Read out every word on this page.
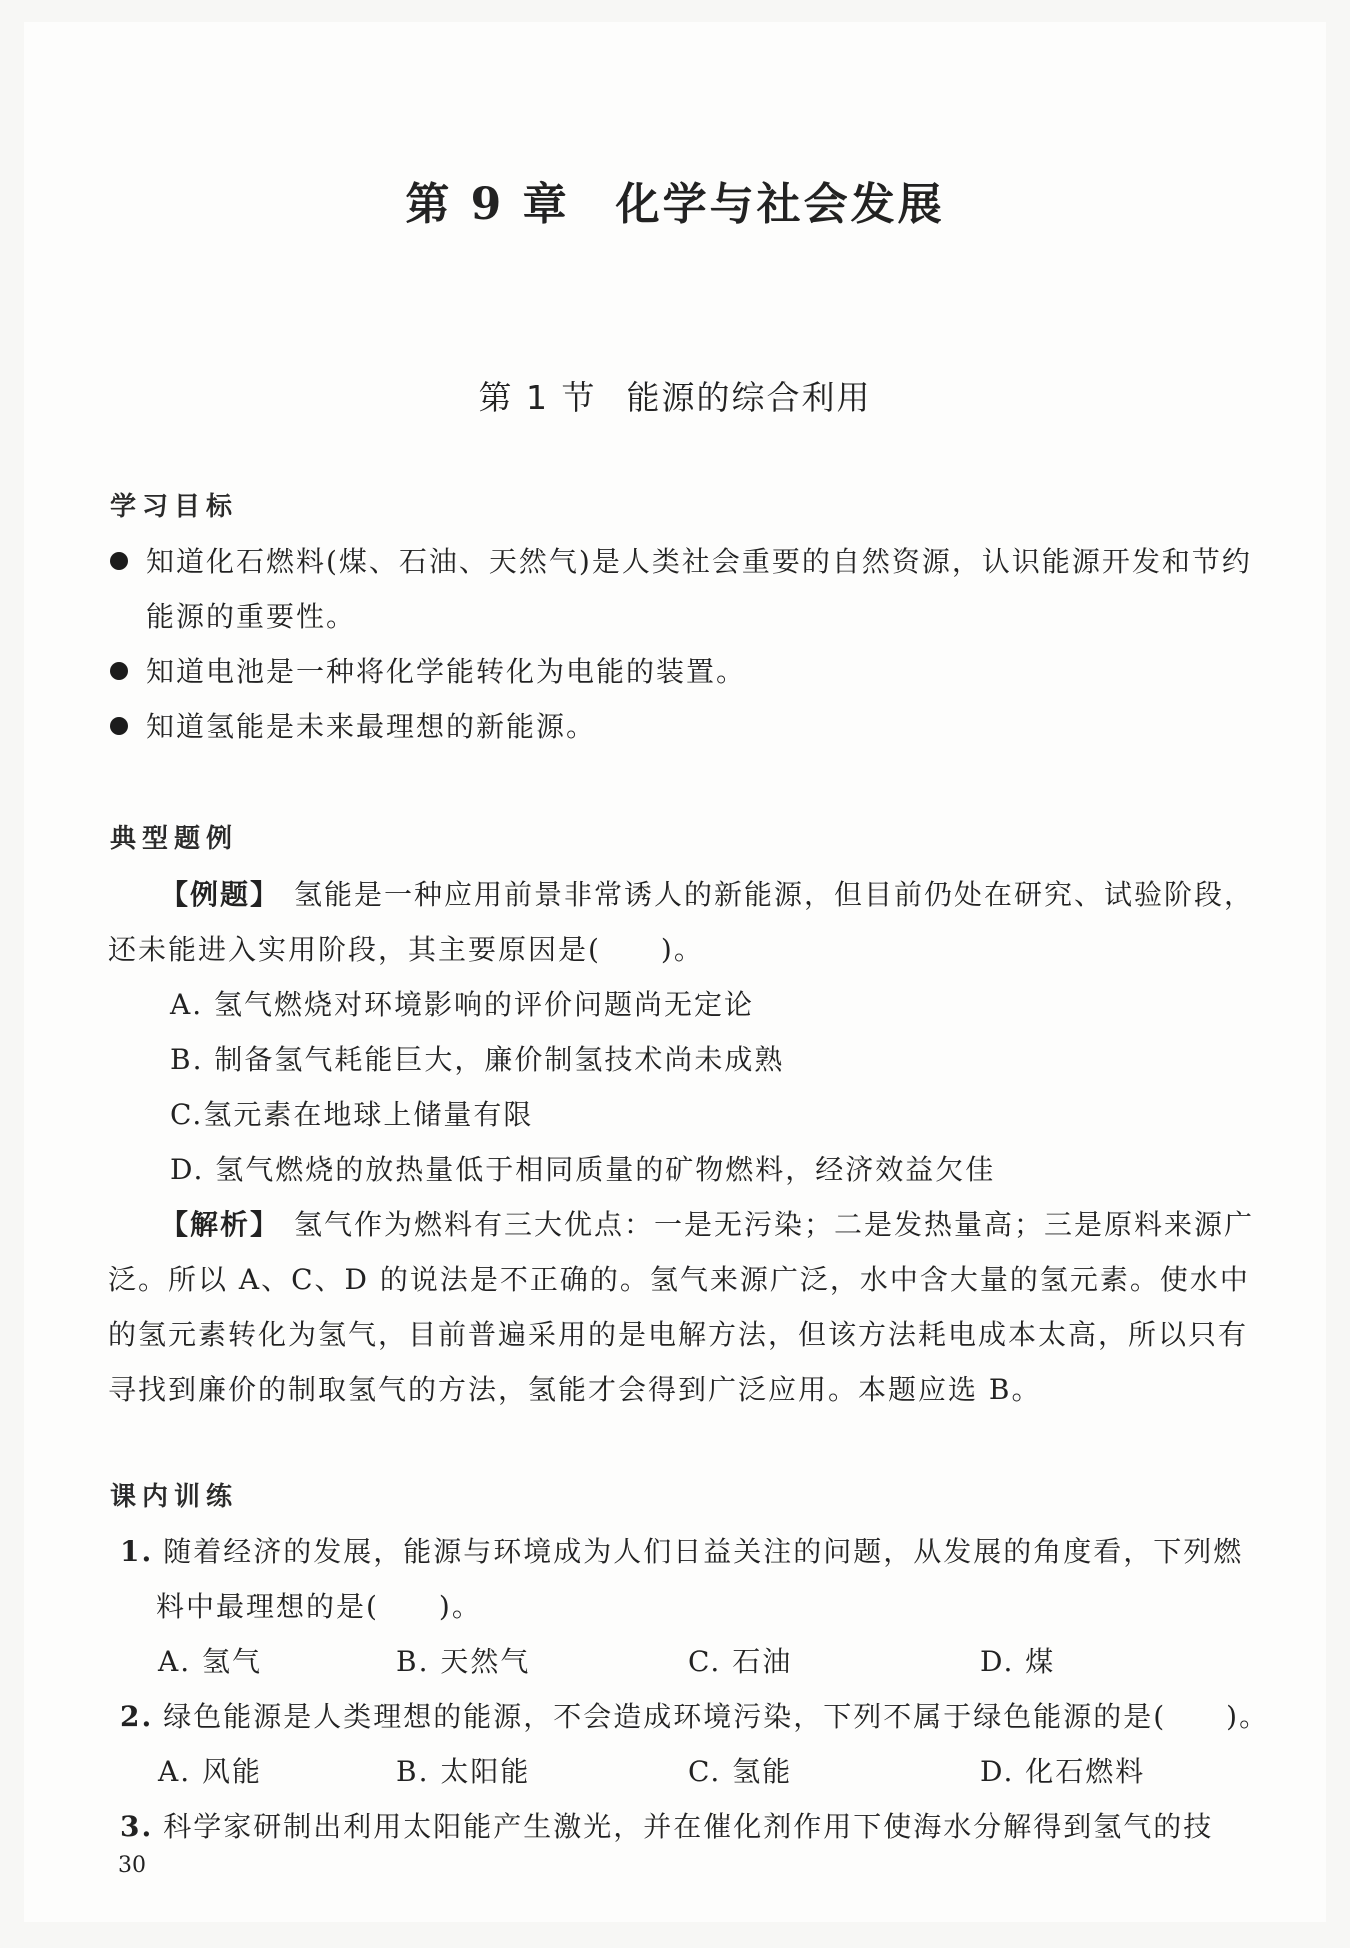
第 9 章 化学与社会发展
第 1 节 能源的综合利用
学习目标
知道化石燃料(煤、石油、天然气)是人类社会重要的自然资源，认识能源开发和节约
能源的重要性。
知道电池是一种将化学能转化为电能的装置。
知道氢能是未来最理想的新能源。
典型题例
【例题】 氢能是一种应用前景非常诱人的新能源，但目前仍处在研究、试验阶段，
还未能进入实用阶段，其主要原因是(　　)。
A. 氢气燃烧对环境影响的评价问题尚无定论
B. 制备氢气耗能巨大，廉价制氢技术尚未成熟
C.氢元素在地球上储量有限
D. 氢气燃烧的放热量低于相同质量的矿物燃料，经济效益欠佳
【解析】 氢气作为燃料有三大优点：一是无污染；二是发热量高；三是原料来源广
泛。所以 A、C、D 的说法是不正确的。氢气来源广泛，水中含大量的氢元素。使水中
的氢元素转化为氢气，目前普遍采用的是电解方法，但该方法耗电成本太高，所以只有
寻找到廉价的制取氢气的方法，氢能才会得到广泛应用。本题应选 B。
课内训练
1. 随着经济的发展，能源与环境成为人们日益关注的问题，从发展的角度看，下列燃
料中最理想的是(　　)。
A. 氢气	B. 天然气	C. 石油	D. 煤
2. 绿色能源是人类理想的能源，不会造成环境污染，下列不属于绿色能源的是(　　)。
A. 风能	B. 太阳能	C. 氢能	D. 化石燃料
3. 科学家研制出利用太阳能产生激光，并在催化剂作用下使海水分解得到氢气的技
30
